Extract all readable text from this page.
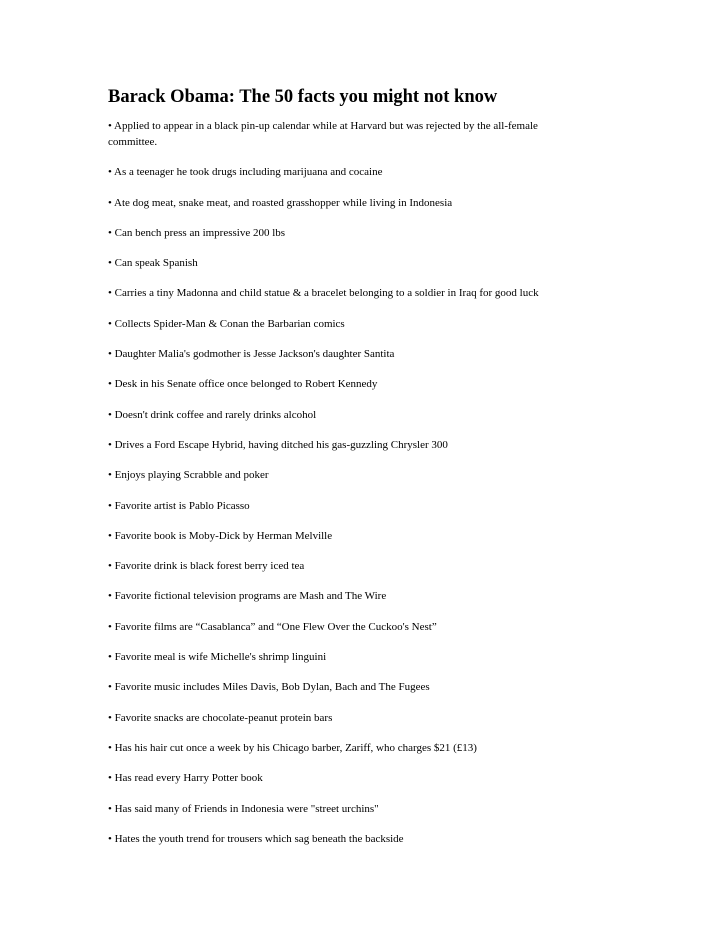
Barack Obama: The 50 facts you might not know
• Applied to appear in a black pin-up calendar while at Harvard but was rejected by the all-female committee.
• As a teenager he took drugs including marijuana and cocaine
• Ate dog meat, snake meat, and roasted grasshopper while living in Indonesia
• Can bench press an impressive 200 lbs
• Can speak Spanish
• Carries a tiny Madonna and child statue & a bracelet belonging to a soldier in Iraq for good luck
• Collects Spider-Man & Conan the Barbarian comics
• Daughter Malia's godmother is Jesse Jackson's daughter Santita
• Desk in his Senate office once belonged to Robert Kennedy
• Doesn't drink coffee and rarely drinks alcohol
• Drives a Ford Escape Hybrid, having ditched his gas-guzzling Chrysler 300
• Enjoys playing Scrabble and poker
• Favorite artist is Pablo Picasso
• Favorite book is Moby-Dick by Herman Melville
• Favorite drink is black forest berry iced tea
• Favorite fictional television programs are Mash and The Wire
• Favorite films are “Casablanca” and “One Flew Over the Cuckoo's Nest”
• Favorite meal is wife Michelle's shrimp linguini
• Favorite music includes Miles Davis, Bob Dylan, Bach and The Fugees
• Favorite snacks are chocolate-peanut protein bars
• Has his hair cut once a week by his Chicago barber, Zariff, who charges $21 (£13)
• Has read every Harry Potter book
• Has said many of Friends in Indonesia were "street urchins"
• Hates the youth trend for trousers which sag beneath the backside
